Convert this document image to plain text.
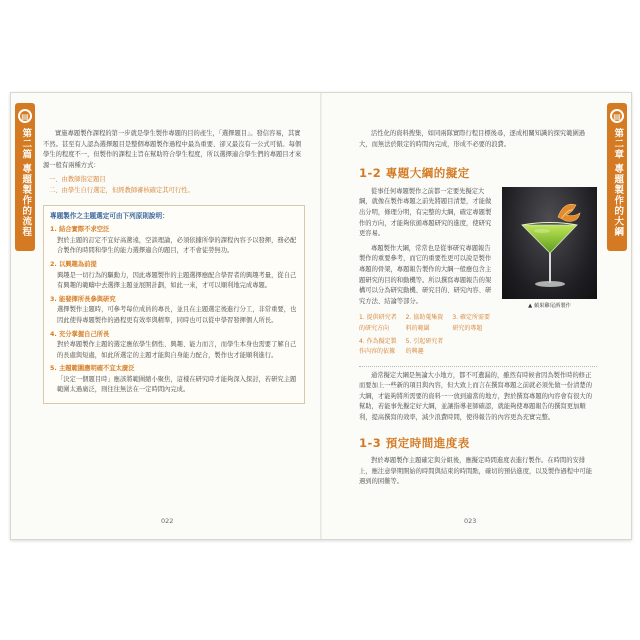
▤
第二篇 專題製作的流程	實施專題製作課程的第一步就是學生製作專題的目的產生，「選擇題目」。發信容易，其實不然。甚至有人認為選擇題目是整個專題製作過程中最為重要、卻又最沒有一公式可循。每個學生的程度不一，但製作的課程主旨在幫助符合學生程度，所以選擇適合學生們的專題目才來源一般有兩種方式：

一、由教師指定題目
二、由學生自行選定，但經教師審核確定其可行性。
專題製作之主題選定可由下列原則說明：
1. 結合實際不求空泛

對於主題的訂定不宜好高騖遠，空談理論，必須依據所學的課程內容予以發揮，務必配合製作的時間和學生的能力選擇適合的題目，才不會徒勞無功。

2. 以興趣為前提

興趣是一切行為的驅動力，因此專題製作的主題選擇應配合學習者的興趣考量，從自己有興趣的範疇中去選擇主題並展開計劃，如此一來，才可以順利地完成專題。

3. 能發揮所長參與研究

選擇製作主題時，可參考每位成員的專長，並且在主題選定後進行分工，非常重要，也因此使得專題製作的過程更有效率與精準，同時也可以從中學習發揮個人所長。

4. 充分掌握自己所長

對於專題製作主題的選定應依學生個性、興趣、能力而言，而學生本身也需要了解自己的長處與短處，如此所選定的主題才能與自身能力配合，製作也才能順利進行。

5. 主題範圍應明確不宜太廣泛

「決定一個題目時」應該將範圍縮小聚焦，這樣在研究時才能夠深入探討，若研究主題範圍太過廣泛，則往往無法在一定時間內完成。

022
▤
第二章 專題製作的大綱

活性化的資料搜集，如同兩隊實際行程目標後尋，逐成相關知識的探究範圍過大，而無法於限定的時間內完成，形成不必要的浪費。

1-2 專題大綱的擬定
▲ 蘋果雞尾酒製作

從事任何專題製作之前都一定要先擬定大綱，就像在製作專題之前先將題目清楚，才能做出分明，條理分明，有完整的大綱，確定專題製作的方向，才能夠依循專題研究的進度，使研究更容易。

專題製作大綱，常常也是從事研究專題報告製作的重要參考，而它的重要性更可以說是製作專題的骨架，專題報告製作的大綱一般應包含主題研究的目的和動機等。所以撰寫專題報告的架構可以分為研究動機、研究目的、研究內容、研究方法、結論等部分。

1. 提供研究者的研究方向
2. 協助蒐集資料的範圍
3. 確定所需要研究的專題
4. 作為擬定製作內容的依據
5. 引起研究者的興趣

通常擬定大綱是無論大小地方，都不可遺漏的，雖然有時候會因為製作時的修正而要加上一些新的項目與內容，但大致上而言在撰寫專題之前就必須先做一份清楚的大綱，才能夠將所需要的資料一一放到適當的地方，對於撰寫專題的內容會有很大的幫助，若能事先擬定好大綱，並讓指導老師確認，就能夠使專題報告的撰寫更加順利，提高撰寫的效率，減少浪費時間，使得報告的內容更為充實完整。

1-3 預定時間進度表

對於專題製作主題確定與分組後，應擬定時間進度表進行製作。在時間的安排上，應注意學期開始的時間與結束的時間點，確切的預估進度，以及製作過程中可能遇到的困難等。

023
